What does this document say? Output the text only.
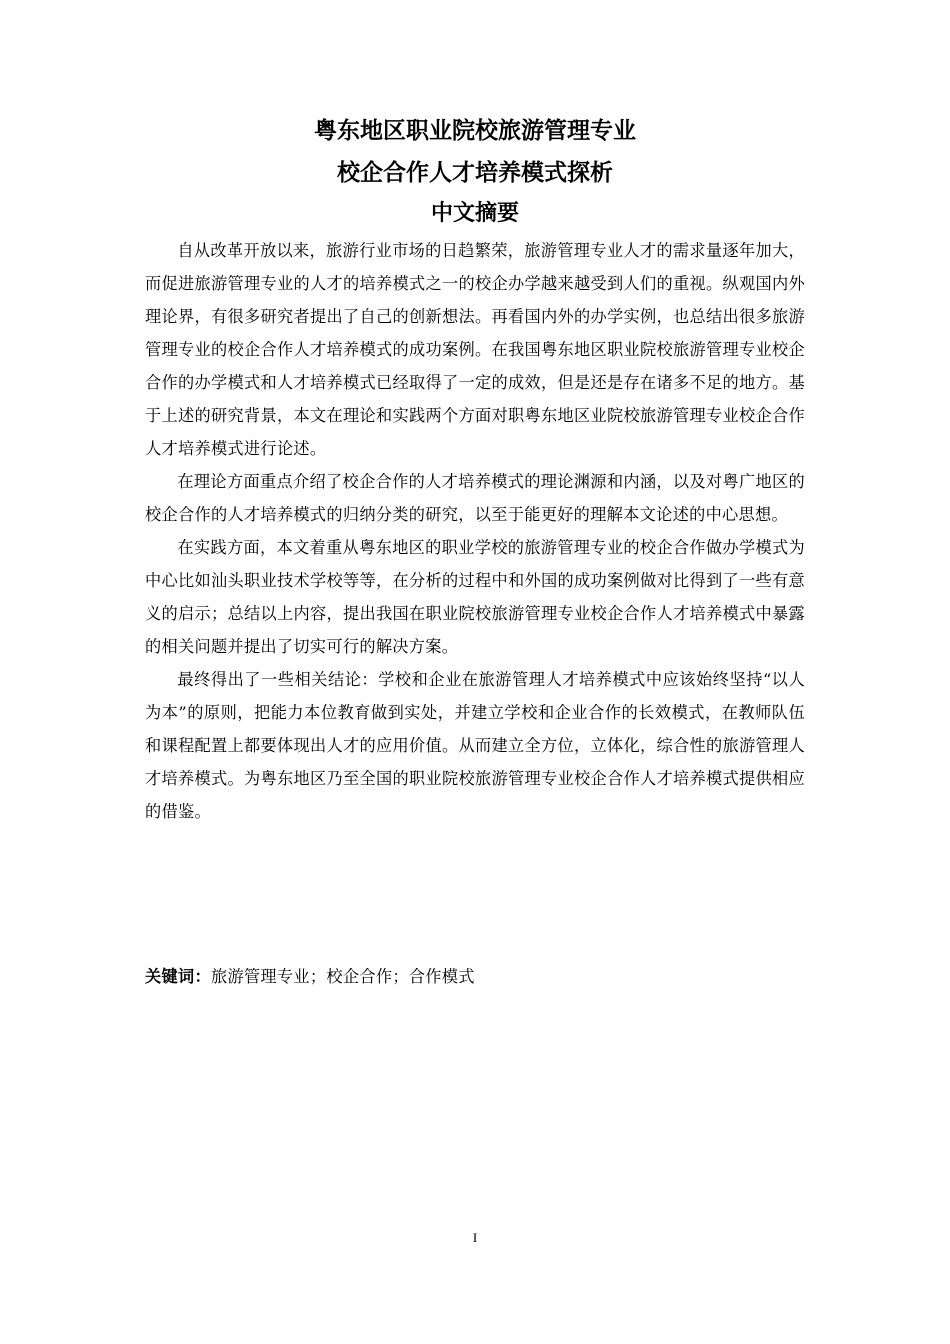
粤东地区职业院校旅游管理专业

校企合作人才培养模式探析

中文摘要

自从改革开放以来，旅游行业市场的日趋繁荣，旅游管理专业人才的需求量逐年加大，而促进旅游管理专业的人才的培养模式之一的校企办学越来越受到人们的重视。纵观国内外理论界，有很多研究者提出了自己的创新想法。再看国内外的办学实例，也总结出很多旅游管理专业的校企合作人才培养模式的成功案例。在我国粤东地区职业院校旅游管理专业校企合作的办学模式和人才培养模式已经取得了一定的成效，但是还是存在诸多不足的地方。基于上述的研究背景，本文在理论和实践两个方面对职粤东地区业院校旅游管理专业校企合作人才培养模式进行论述。

在理论方面重点介绍了校企合作的人才培养模式的理论渊源和内涵，以及对粤广地区的校企合作的人才培养模式的归纳分类的研究，以至于能更好的理解本文论述的中心思想。

在实践方面，本文着重从粤东地区的职业学校的旅游管理专业的校企合作做办学模式为中心比如汕头职业技术学校等等，在分析的过程中和外国的成功案例做对比得到了一些有意义的启示；总结以上内容，提出我国在职业院校旅游管理专业校企合作人才培养模式中暴露的相关问题并提出了切实可行的解决方案。

最终得出了一些相关结论：学校和企业在旅游管理人才培养模式中应该始终坚持“以人为本”的原则，把能力本位教育做到实处，并建立学校和企业合作的长效模式，在教师队伍和课程配置上都要体现出人才的应用价值。从而建立全方位，立体化，综合性的旅游管理人才培养模式。为粤东地区乃至全国的职业院校旅游管理专业校企合作人才培养模式提供相应的借鉴。

关键词：旅游管理专业；校企合作；合作模式
I
